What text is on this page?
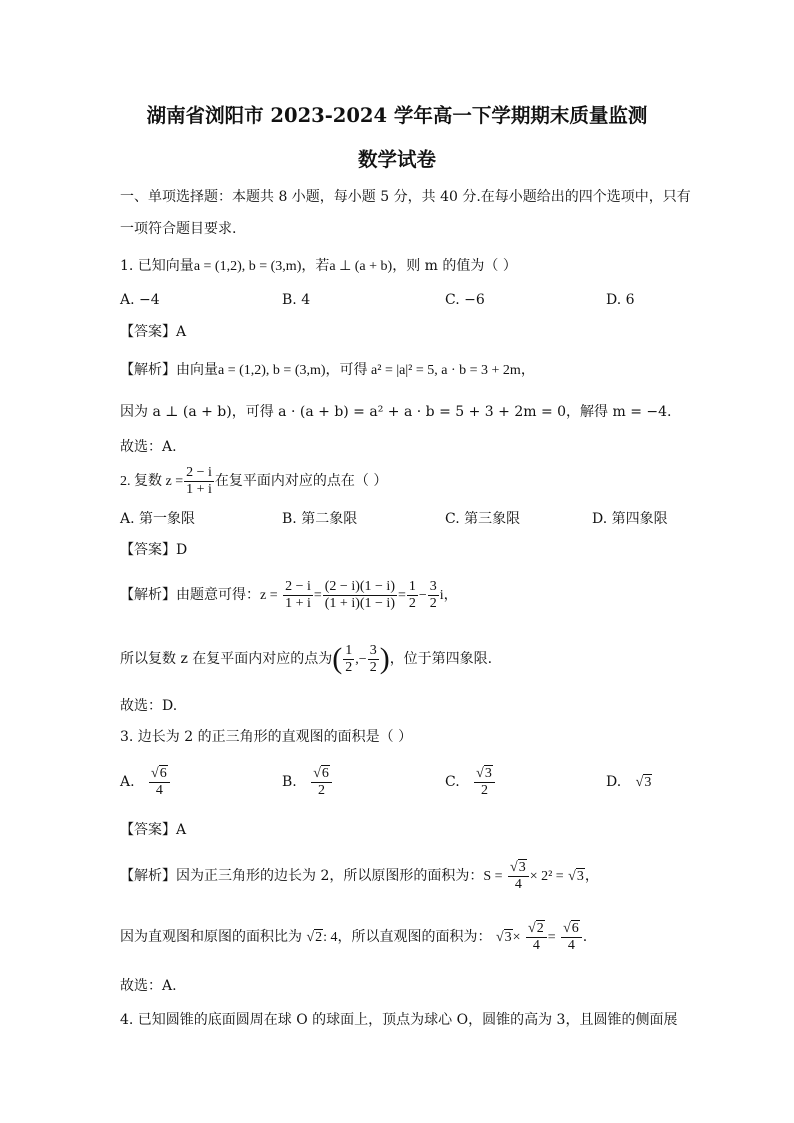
湖南省浏阳市 2023-2024 学年高一下学期期末质量监测
数学试卷
一、单项选择题：本题共 8 小题，每小题 5 分，共 40 分.在每小题给出的四个选项中，只有
一项符合题目要求.
1. 已知向量a = (1,2), b = (3,m)，若a ⊥ (a + b)，则 m 的值为（ ）
A. −4	B. 4	C. −6	D. 6
【答案】A
【解析】由向量a = (1,2), b = (3,m)，可得 a² = |a|² = 5, a · b = 3 + 2m，
因为 a ⊥ (a + b)，可得 a · (a + b) = a² + a · b = 5 + 3 + 2m = 0，解得 m = −4.
故选：A.
2. 复数 $z = \frac{2 - i}{1 + i}$ 在复平面内对应的点在（ ）
A. 第一象限	B. 第二象限	C. 第三象限	D. 第四象限
【答案】D
【解析】由题意可得：$z = \frac{2 - i}{1 + i} = \frac{(2 - i)(1 - i)}{(1 + i)(1 - i)} = \frac{1}{2} - \frac{3}{2}$ i，
所以复数 z 在复平面内对应的点为( $\frac{1}{2}$ ,− $\frac{3}{2}$ )，位于第四象限.
故选：D.
3. 边长为 2 的正三角形的直观图的面积是（ ）
A. $\frac{√6}{4}$	B. $\frac{√6}{2}$	C. $\frac{√3}{2}$	D. √3
【答案】A
【解析】因为正三角形的边长为 2，所以原图形的面积为：$S = \frac{√3}{4} \times 2^2 = √3$，
因为直观图和原图的面积比为 √2: 4，所以直观图的面积为： $√3\times \frac{√2}{4} = \frac{√6}{4}$ .
故选：A.
4. 已知圆锥的底面圆周在球 O 的球面上，顶点为球心 O，圆锥的高为 3，且圆锥的侧面展
